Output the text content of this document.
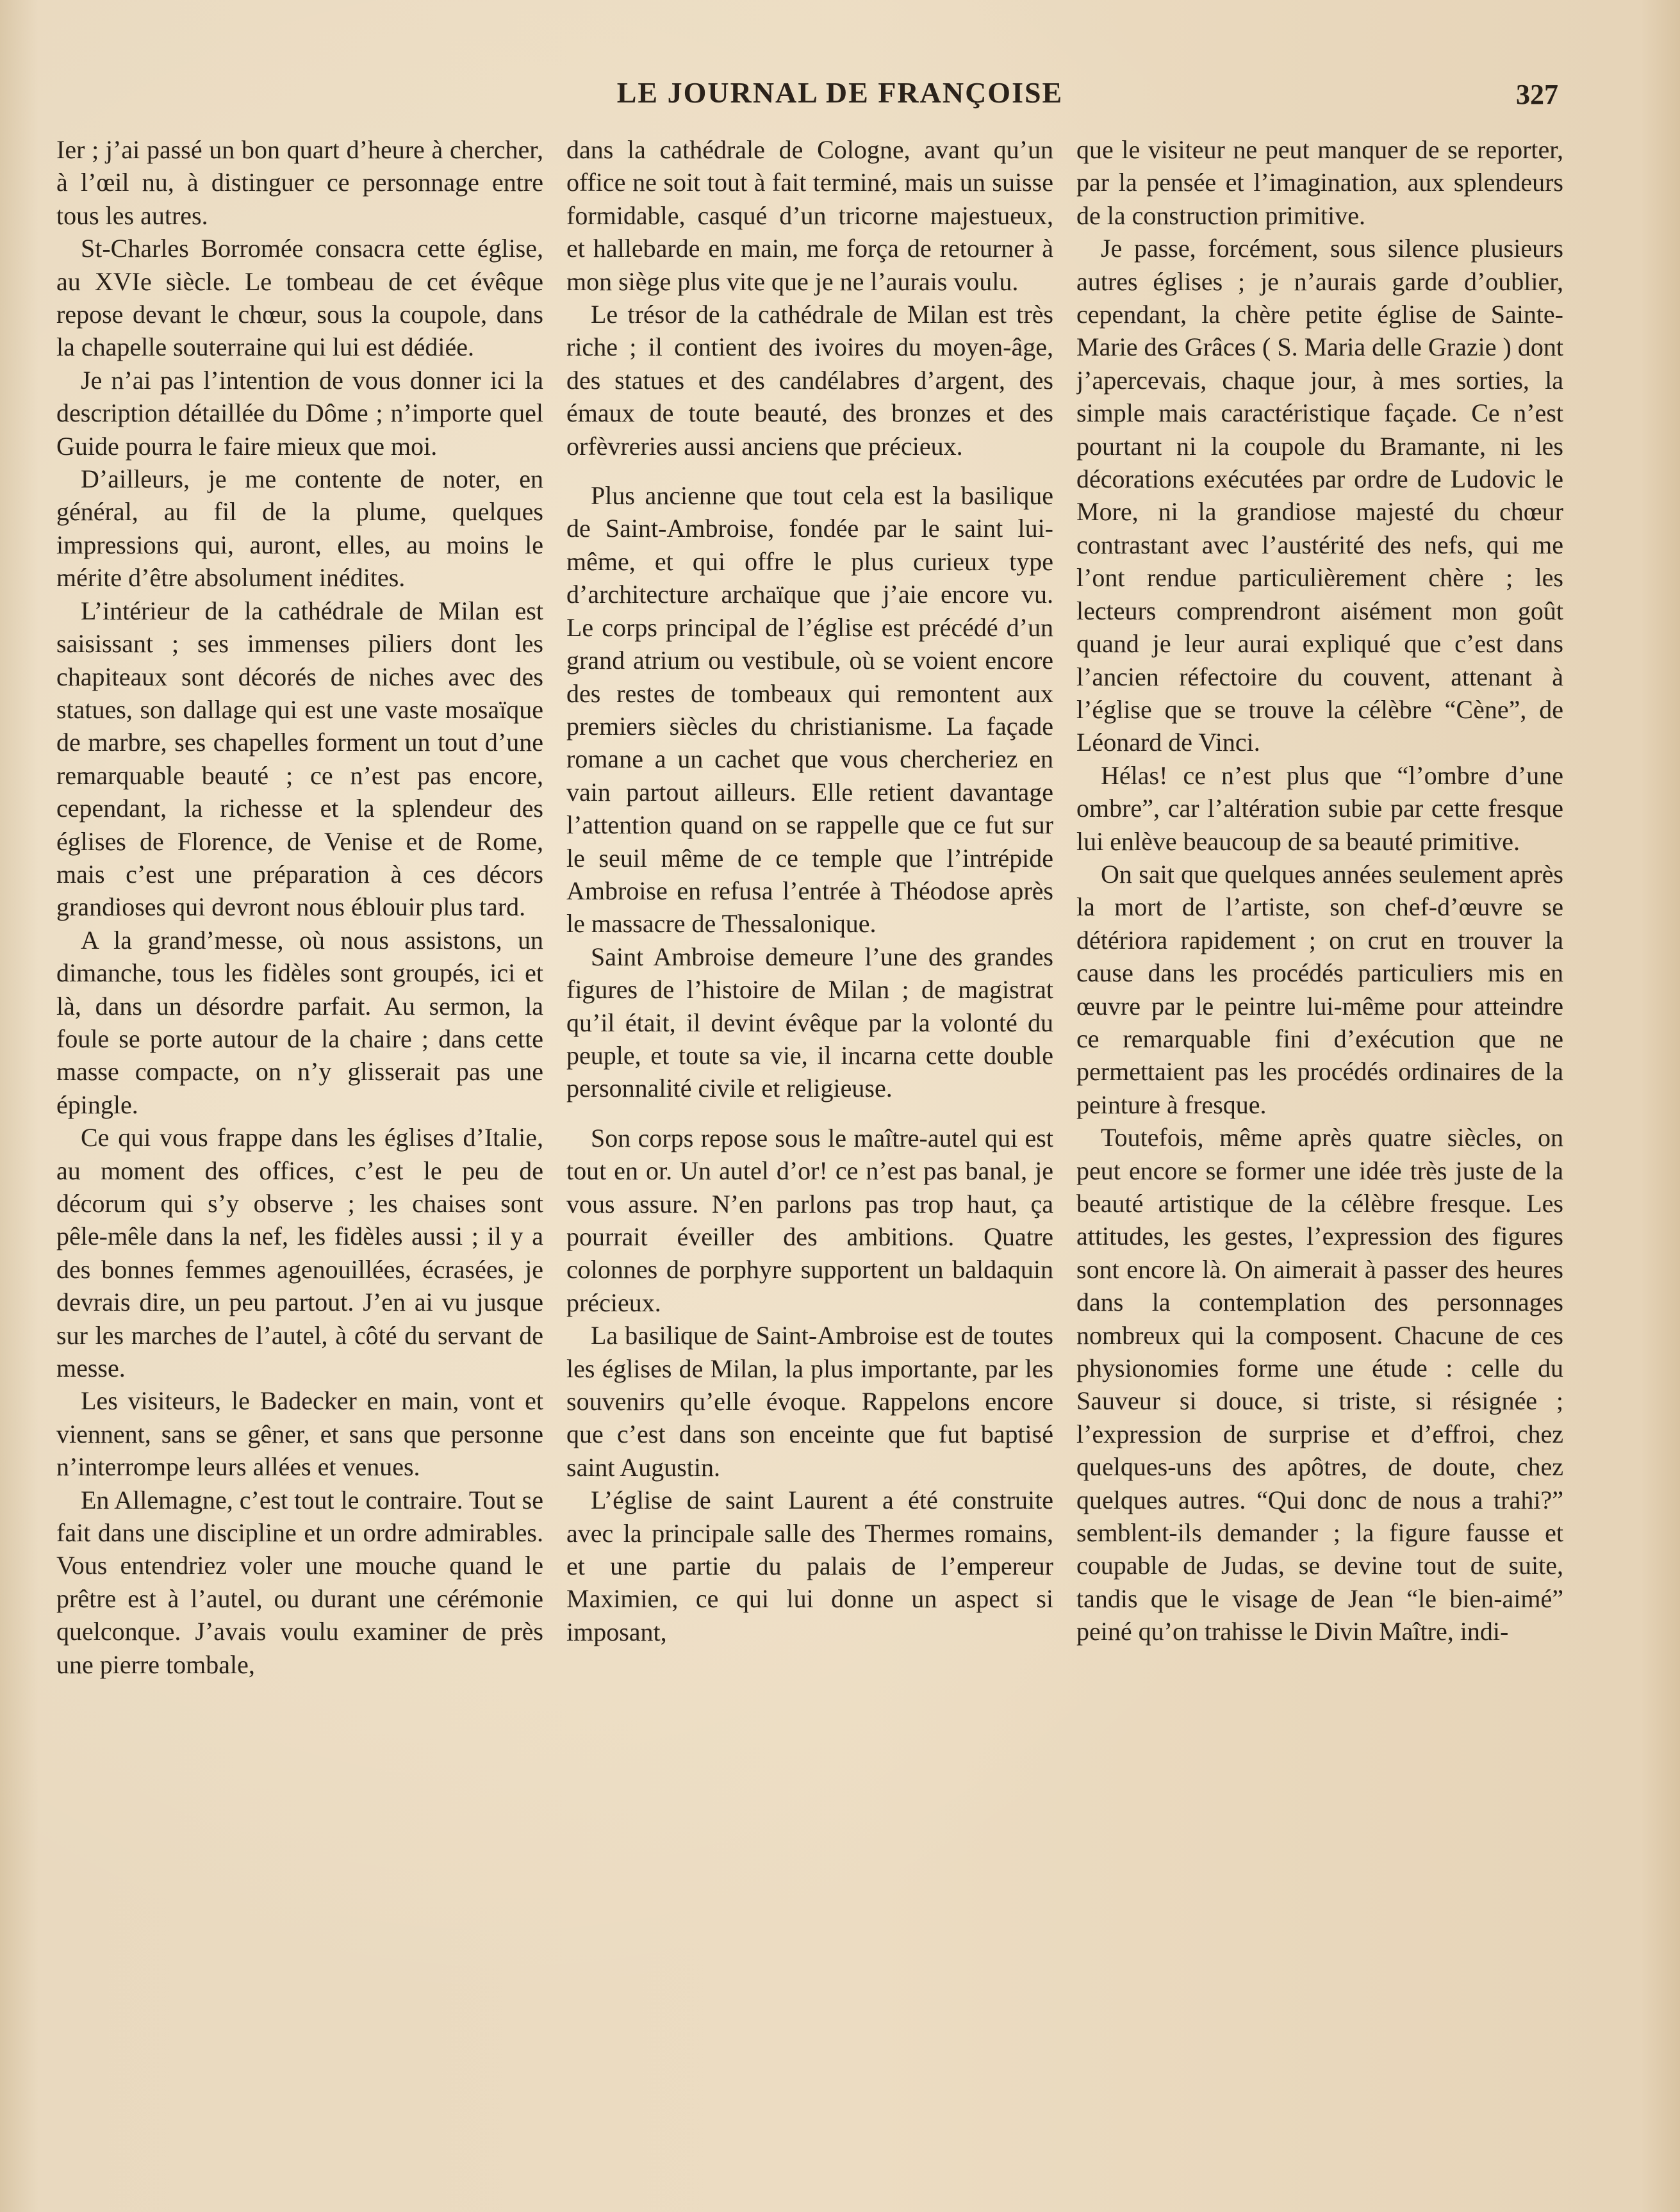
LE JOURNAL DE FRANÇOISE	327

Ier ; j’ai passé un bon quart d’heure à chercher, à l’œil nu, à distinguer ce personnage entre tous les autres.

St-Charles Borromée consacra cette église, au XVIe siècle. Le tombeau de cet évêque repose devant le chœur, sous la coupole, dans la chapelle souterraine qui lui est dédiée.

Je n’ai pas l’intention de vous donner ici la description détaillée du Dôme ; n’importe quel Guide pourra le faire mieux que moi.

D’ailleurs, je me contente de noter, en général, au fil de la plume, quelques impressions qui, auront, elles, au moins le mérite d’être absolument inédites.

L’intérieur de la cathédrale de Milan est saisissant ; ses immenses piliers dont les chapiteaux sont décorés de niches avec des statues, son dallage qui est une vaste mosaïque de marbre, ses chapelles forment un tout d’une remarquable beauté ; ce n’est pas encore, cependant, la richesse et la splendeur des églises de Florence, de Venise et de Rome, mais c’est une préparation à ces décors grandioses qui devront nous éblouir plus tard.

A la grand’messe, où nous assistons, un dimanche, tous les fidèles sont groupés, ici et là, dans un désordre parfait. Au sermon, la foule se porte autour de la chaire ; dans cette masse compacte, on n’y glisserait pas une épingle.

Ce qui vous frappe dans les églises d’Italie, au moment des offices, c’est le peu de décorum qui s’y observe ; les chaises sont pêle-mêle dans la nef, les fidèles aussi ; il y a des bonnes femmes agenouillées, écrasées, je devrais dire, un peu partout. J’en ai vu jusque sur les marches de l’autel, à côté du servant de messe.

Les visiteurs, le Badecker en main, vont et viennent, sans se gêner, et sans que personne n’interrompe leurs allées et venues.

En Allemagne, c’est tout le contraire. Tout se fait dans une discipline et un ordre admirables. Vous entendriez voler une mouche quand le prêtre est à l’autel, ou durant une cérémonie quelconque. J’avais voulu examiner de près une pierre tombale,

dans la cathédrale de Cologne, avant qu’un office ne soit tout à fait terminé, mais un suisse formidable, casqué d’un tricorne majestueux, et hallebarde en main, me força de retourner à mon siège plus vite que je ne l’aurais voulu.

Le trésor de la cathédrale de Milan est très riche ; il contient des ivoires du moyen-âge, des statues et des candélabres d’argent, des émaux de toute beauté, des bronzes et des orfèvreries aussi anciens que précieux.

Plus ancienne que tout cela est la basilique de Saint-Ambroise, fondée par le saint lui-même, et qui offre le plus curieux type d’architecture archaïque que j’aie encore vu. Le corps principal de l’église est précédé d’un grand atrium ou vestibule, où se voient encore des restes de tombeaux qui remontent aux premiers siècles du christianisme. La façade romane a un cachet que vous chercheriez en vain partout ailleurs. Elle retient davantage l’attention quand on se rappelle que ce fut sur le seuil même de ce temple que l’intrépide Ambroise en refusa l’entrée à Théodose après le massacre de Thessalonique.

Saint Ambroise demeure l’une des grandes figures de l’histoire de Milan ; de magistrat qu’il était, il devint évêque par la volonté du peuple, et toute sa vie, il incarna cette double personnalité civile et religieuse.

Son corps repose sous le maître-autel qui est tout en or. Un autel d’or! ce n’est pas banal, je vous assure. N’en parlons pas trop haut, ça pourrait éveiller des ambitions. Quatre colonnes de porphyre supportent un baldaquin précieux.

La basilique de Saint-Ambroise est de toutes les églises de Milan, la plus importante, par les souvenirs qu’elle évoque. Rappelons encore que c’est dans son enceinte que fut baptisé saint Augustin.

L’église de saint Laurent a été construite avec la principale salle des Thermes romains, et une partie du palais de l’empereur Maximien, ce qui lui donne un aspect si imposant,

que le visiteur ne peut manquer de se reporter, par la pensée et l’imagination, aux splendeurs de la construction primitive.

Je passe, forcément, sous silence plusieurs autres églises ; je n’aurais garde d’oublier, cependant, la chère petite église de Sainte-Marie des Grâces ( S. Maria delle Grazie ) dont j’apercevais, chaque jour, à mes sorties, la simple mais caractéristique façade. Ce n’est pourtant ni la coupole du Bramante, ni les décorations exécutées par ordre de Ludovic le More, ni la grandiose majesté du chœur contrastant avec l’austérité des nefs, qui me l’ont rendue particulièrement chère ; les lecteurs comprendront aisément mon goût quand je leur aurai expliqué que c’est dans l’ancien réfectoire du couvent, attenant à l’église que se trouve la célèbre “Cène”, de Léonard de Vinci.

Hélas! ce n’est plus que “l’ombre d’une ombre”, car l’altération subie par cette fresque lui enlève beaucoup de sa beauté primitive.

On sait que quelques années seulement après la mort de l’artiste, son chef-d’œuvre se détériora rapidement ; on crut en trouver la cause dans les procédés particuliers mis en œuvre par le peintre lui-même pour atteindre ce remarquable fini d’exécution que ne permettaient pas les procédés ordinaires de la peinture à fresque.

Toutefois, même après quatre siècles, on peut encore se former une idée très juste de la beauté artistique de la célèbre fresque. Les attitudes, les gestes, l’expression des figures sont encore là. On aimerait à passer des heures dans la contemplation des personnages nombreux qui la composent. Chacune de ces physionomies forme une étude : celle du Sauveur si douce, si triste, si résignée ; l’expression de surprise et d’effroi, chez quelques-uns des apôtres, de doute, chez quelques autres. “Qui donc de nous a trahi?” semblent-ils demander ; la figure fausse et coupable de Judas, se devine tout de suite, tandis que le visage de Jean “le bien-aimé” peiné qu’on trahisse le Divin Maître, indi-
